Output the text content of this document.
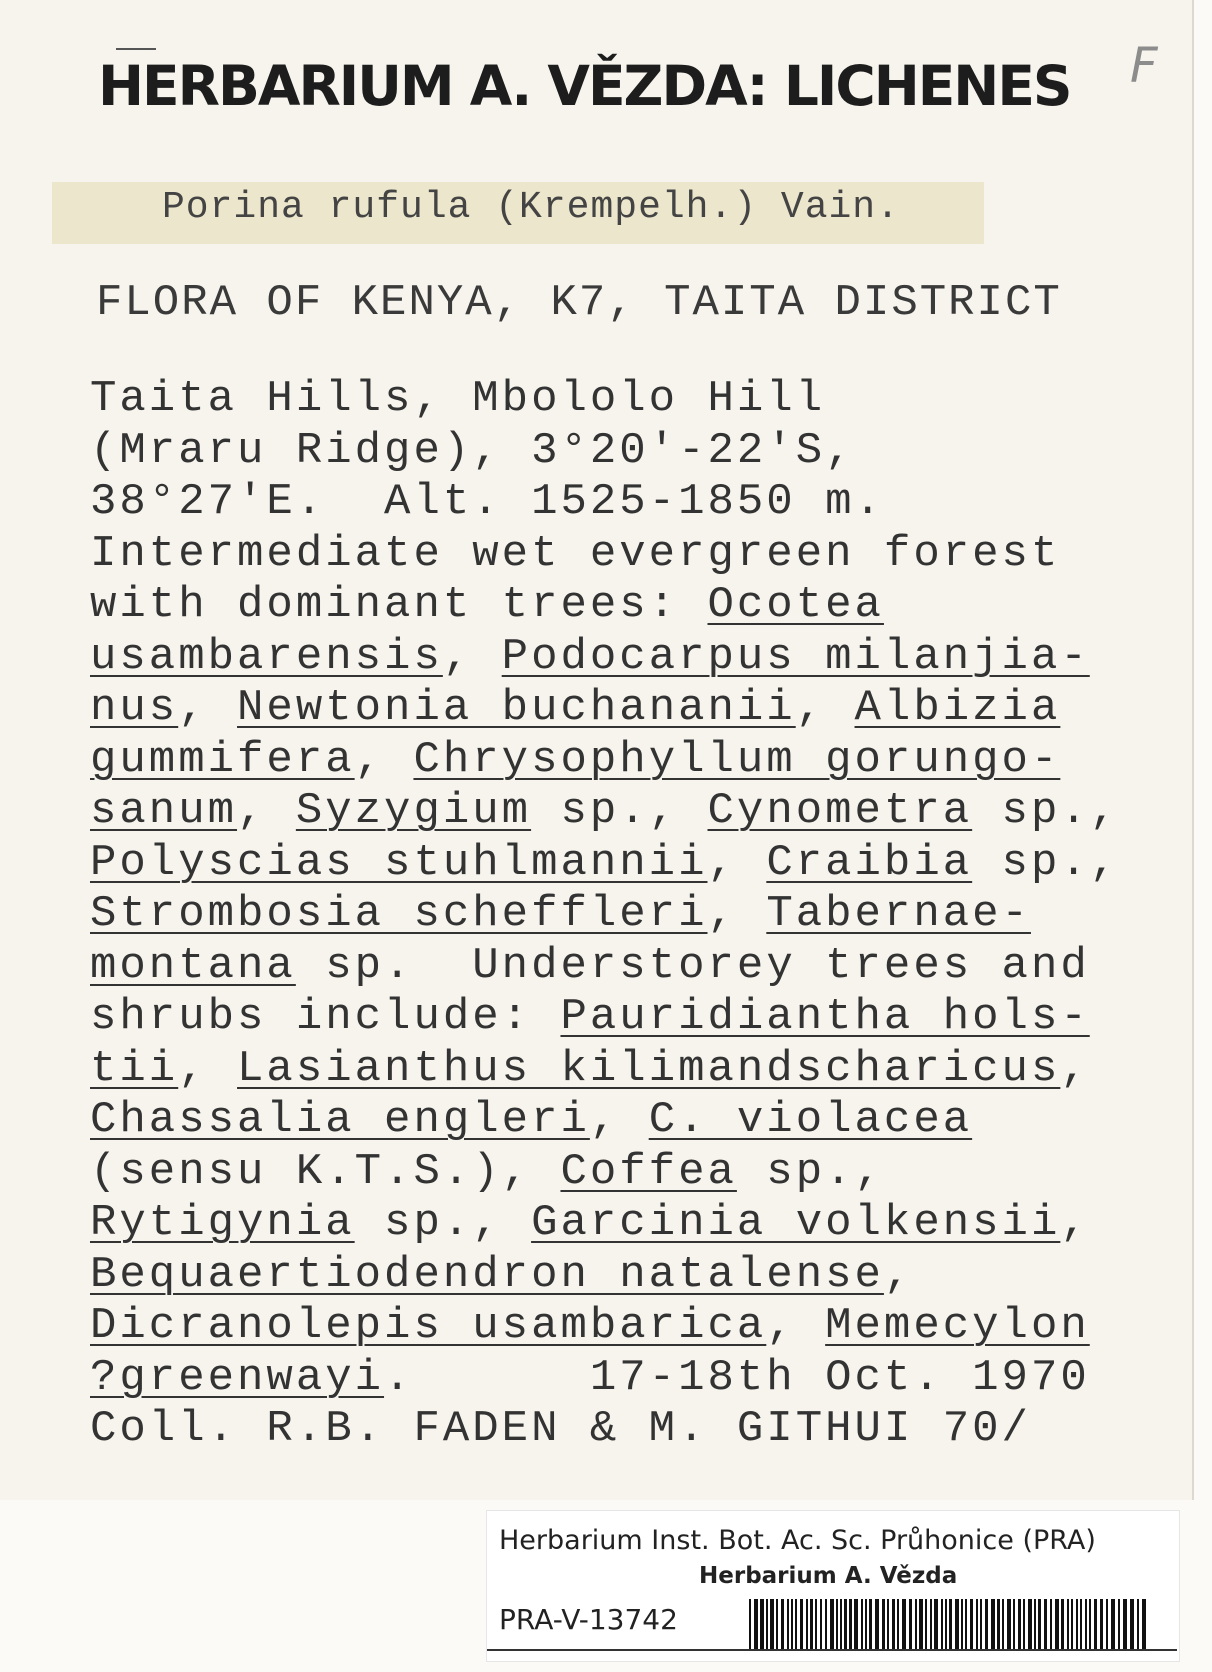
HERBARIUM A. VĚZDA: LICHENES F
Porina rufula (Krempelh.) Vain.
FLORA OF KENYA, K7, TAITA DISTRICT
Taita Hills, Mbololo Hill
(Mraru Ridge), 3°20'-22'S,
38°27'E.  Alt. 1525-1850 m.
Intermediate wet evergreen forest
with dominant trees: Ocotea
usambarensis, Podocarpus milanjia-
nus, Newtonia buchananii, Albizia
gummifera, Chrysophyllum gorungo-
sanum, Syzygium sp., Cynometra sp.,
Polyscias stuhlmannii, Craibia sp.,
Strombosia scheffleri, Tabernae-
montana sp.  Understorey trees and
shrubs include: Pauridiantha hols-
tii, Lasianthus kilimandscharicus,
Chassalia engleri, C. violacea
(sensu K.T.S.), Coffea sp.,
Rytigynia sp., Garcinia volkensii,
Bequaertiodendron natalense,
Dicranolepis usambarica, Memecylon
?greenwayi.      17-18th Oct. 1970
Coll. R.B. FADEN & M. GITHUI 70/
Herbarium Inst. Bot. Ac. Sc. Průhonice (PRA)
Herbarium A. Vězda
PRA-V-13742
